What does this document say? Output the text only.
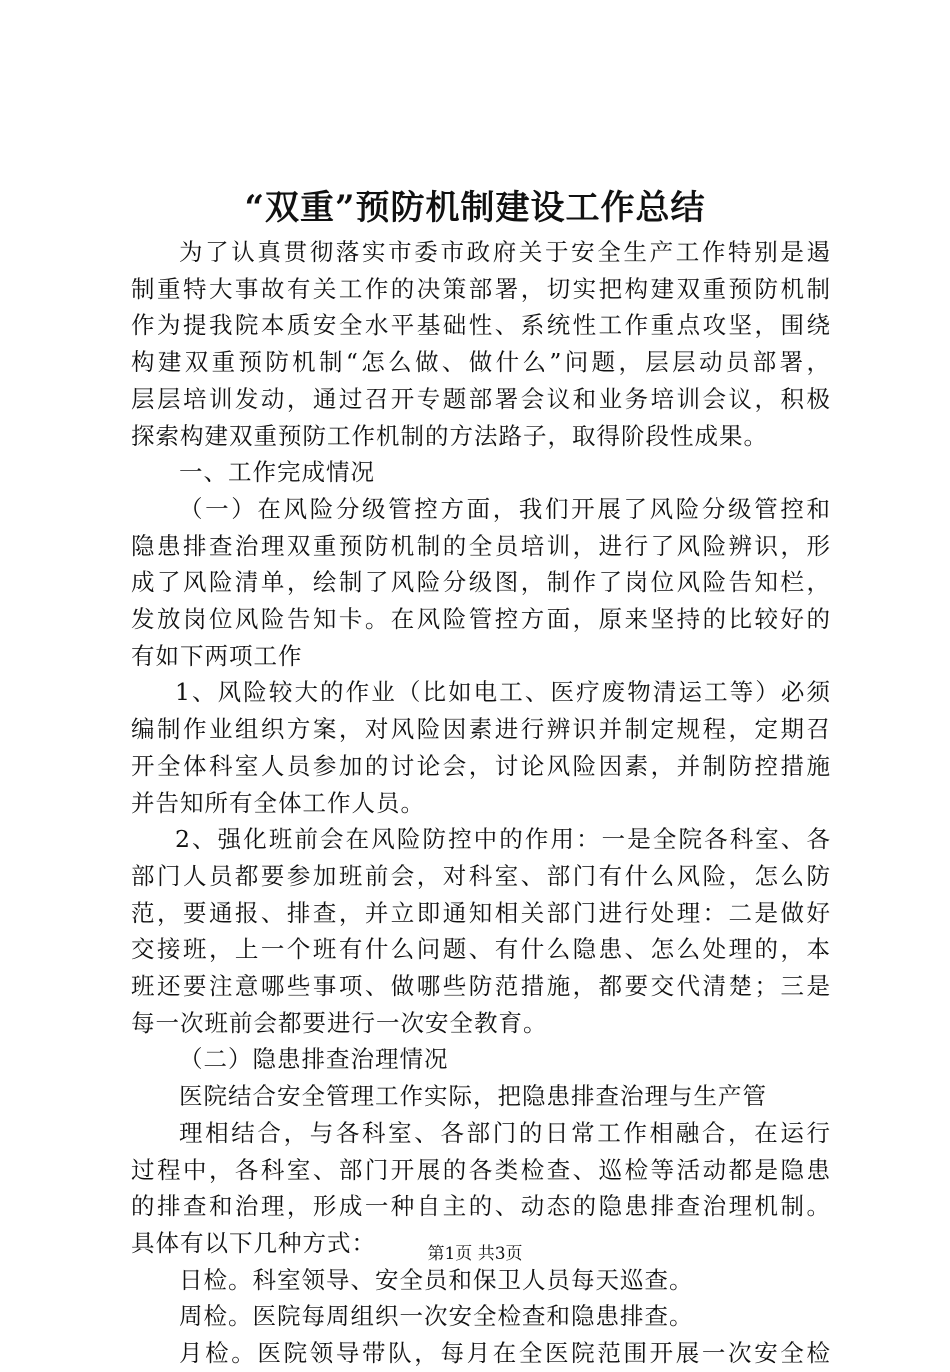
“双重”预防机制建设工作总结
为了认真贯彻落实市委市政府关于安全生产工作特别是遏
制重特大事故有关工作的决策部署，切实把构建双重预防机制
作为提我院本质安全水平基础性、系统性工作重点攻坚，围绕
构建双重预防机制“怎么做、做什么”问题，层层动员部署，
层层培训发动，通过召开专题部署会议和业务培训会议，积极
探索构建双重预防工作机制的方法路子，取得阶段性成果。
一、工作完成情况
（一）在风险分级管控方面，我们开展了风险分级管控和
隐患排查治理双重预防机制的全员培训，进行了风险辨识，形
成了风险清单，绘制了风险分级图，制作了岗位风险告知栏，
发放岗位风险告知卡。在风险管控方面，原来坚持的比较好的
有如下两项工作
1、风险较大的作业（比如电工、医疗废物清运工等）必须
编制作业组织方案，对风险因素进行辨识并制定规程，定期召
开全体科室人员参加的讨论会，讨论风险因素，并制防控措施
并告知所有全体工作人员。
2、强化班前会在风险防控中的作用：一是全院各科室、各
部门人员都要参加班前会，对科室、部门有什么风险，怎么防
范，要通报、排查，并立即通知相关部门进行处理：二是做好
交接班，上一个班有什么问题、有什么隐患、怎么处理的，本
班还要注意哪些事项、做哪些防范措施，都要交代清楚；三是
每一次班前会都要进行一次安全教育。
（二）隐患排查治理情况
医院结合安全管理工作实际，把隐患排查治理与生产管
理相结合，与各科室、各部门的日常工作相融合，在运行
过程中，各科室、部门开展的各类检查、巡检等活动都是隐患
的排查和治理，形成一种自主的、动态的隐患排查治理机制。
具体有以下几种方式：
日检。科室领导、安全员和保卫人员每天巡查。
周检。医院每周组织一次安全检查和隐患排查。
月检。医院领导带队，每月在全医院范围开展一次安全检
第1页 共3页
